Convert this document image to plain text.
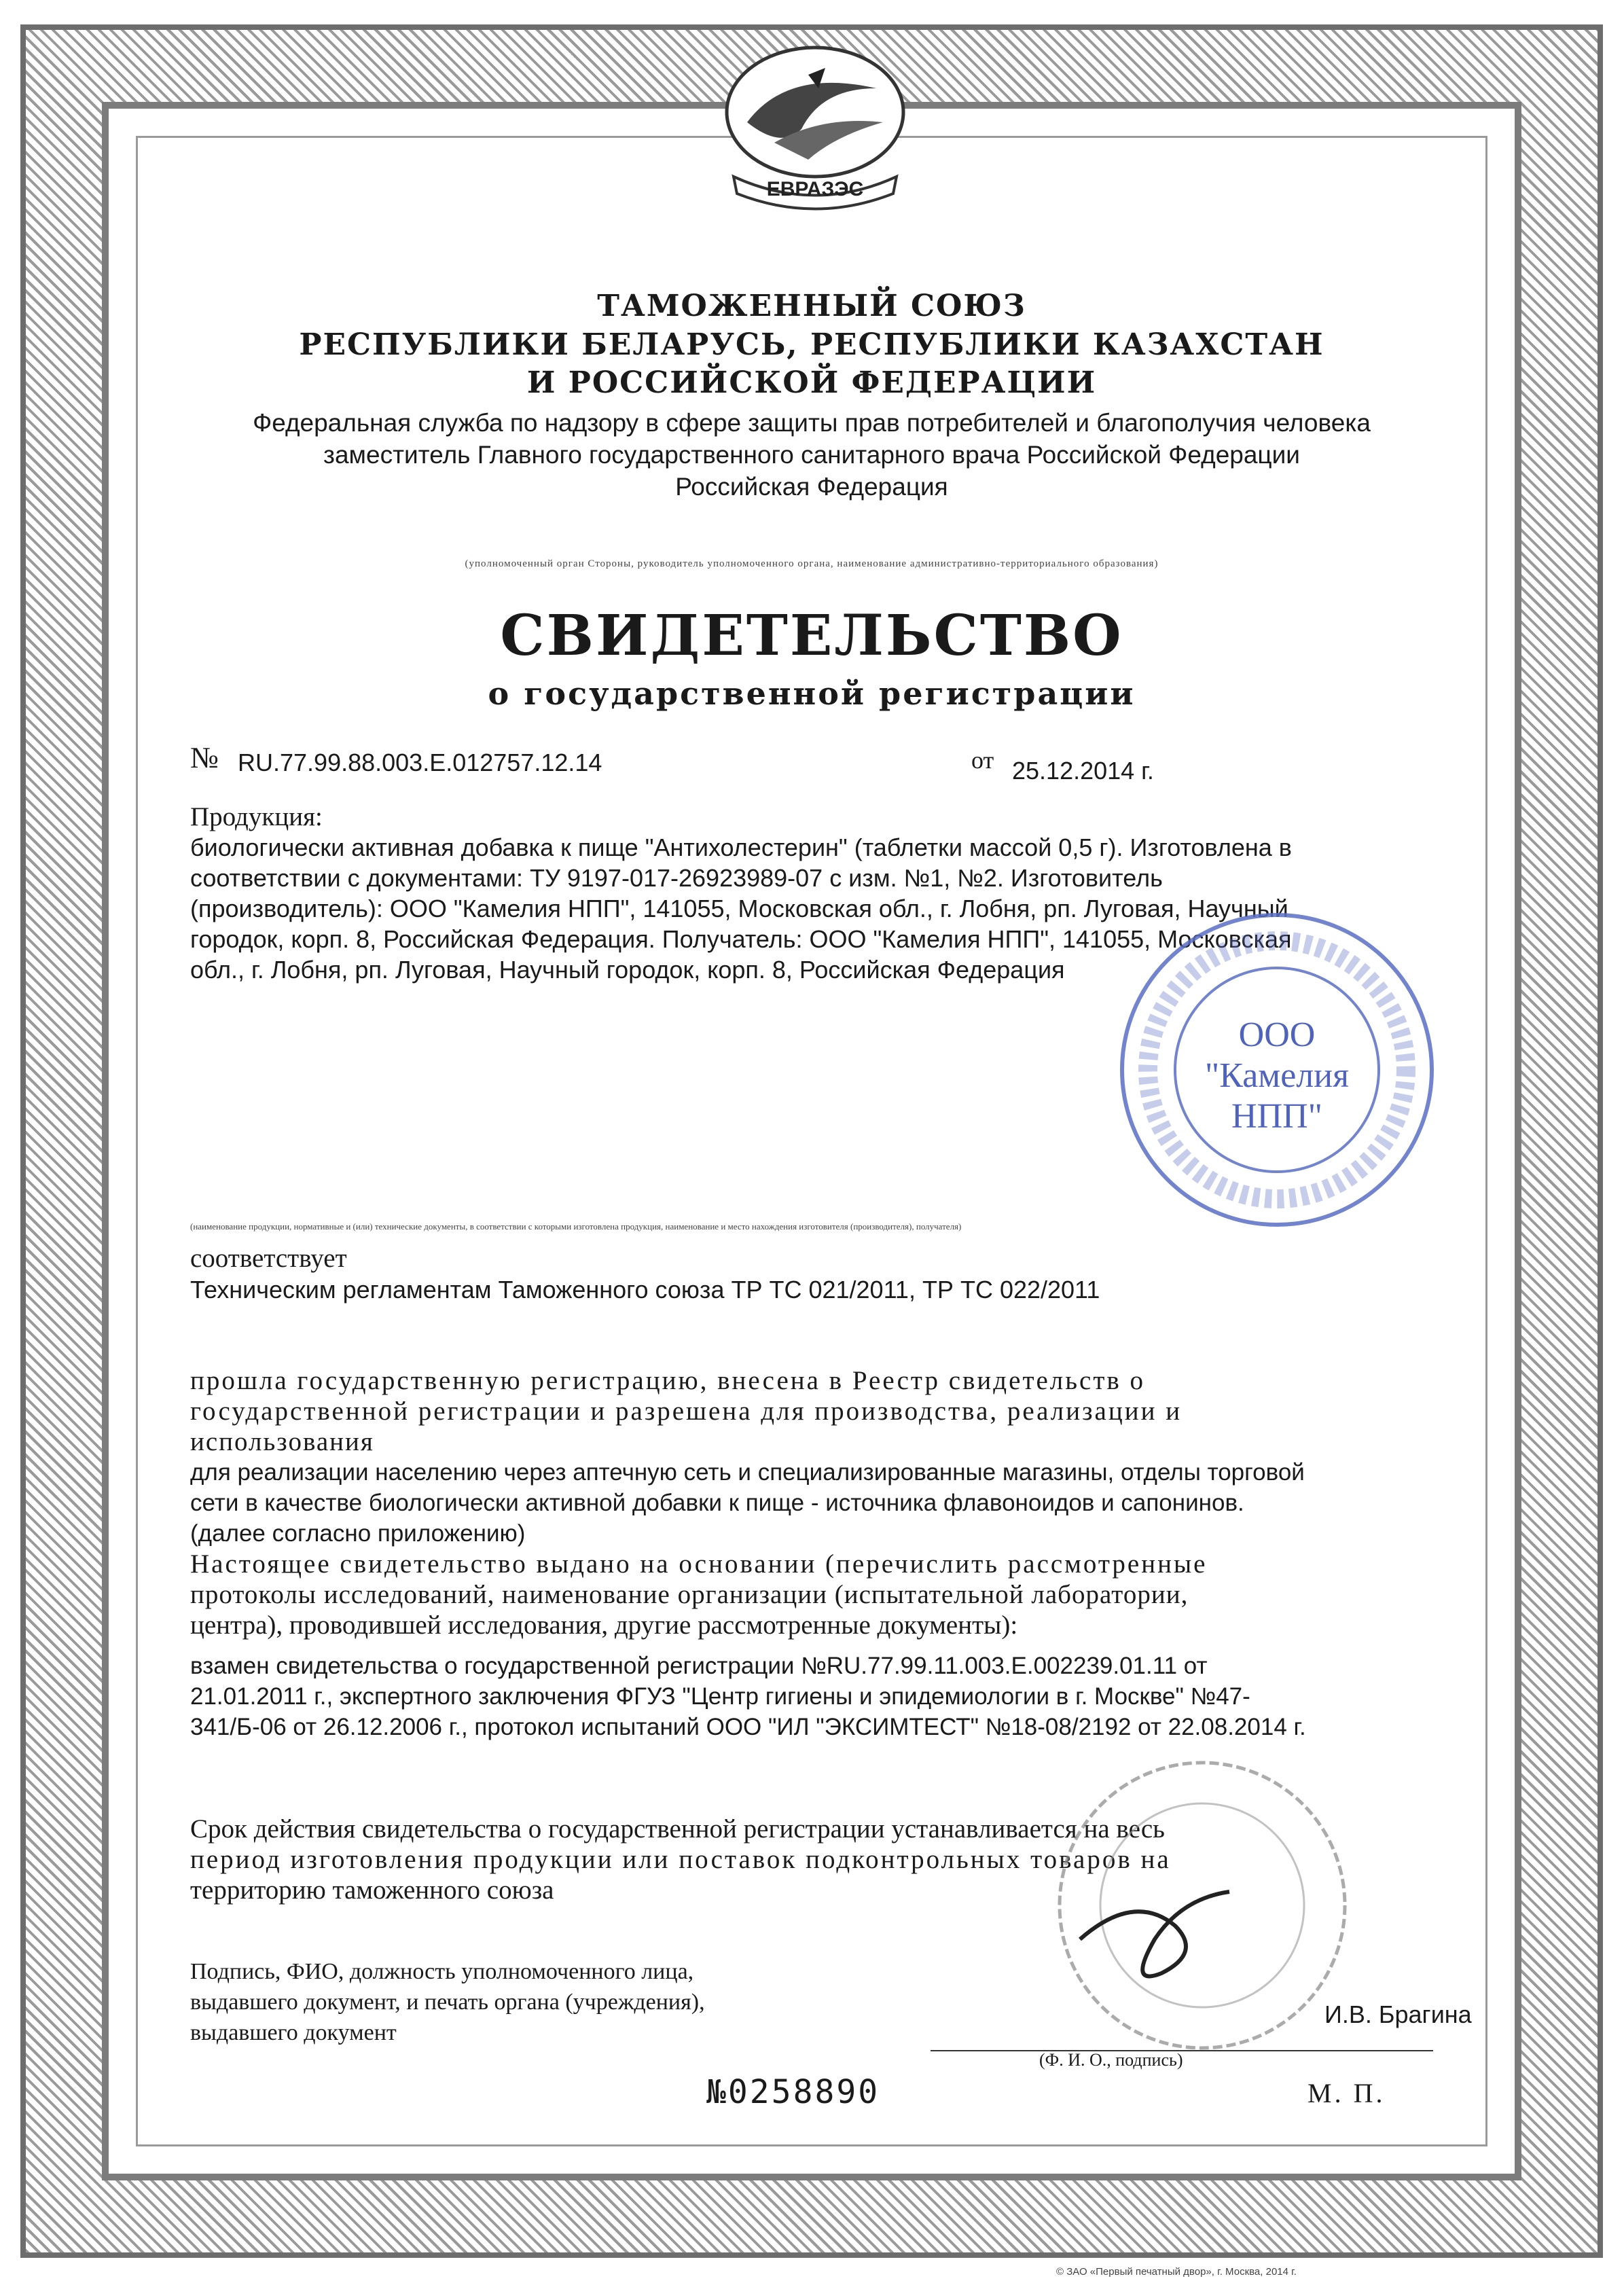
ЕВРАЗЭС
ТАМОЖЕННЫЙ СОЮЗ
РЕСПУБЛИКИ БЕЛАРУСЬ, РЕСПУБЛИКИ КАЗАХСТАН
И РОССИЙСКОЙ ФЕДЕРАЦИИ
Федеральная служба по надзору в сфере защиты прав потребителей и благополучия человека
заместитель Главного государственного санитарного врача Российской Федерации
Российская Федерация
(уполномоченный орган Стороны, руководитель уполномоченного органа, наименование административно-территориального образования)
СВИДЕТЕЛЬСТВО
о государственной регистрации
№ RU.77.99.88.003.E.012757.12.14	от 25.12.2014 г.
Продукция:
биологически активная добавка к пище "Антихолестерин" (таблетки массой 0,5 г). Изготовлена в
соответствии с документами: ТУ 9197-017-26923989-07 с изм. №1, №2. Изготовитель
(производитель): ООО "Камелия НПП", 141055, Московская обл., г. Лобня, рп. Луговая, Научный
городок, корп. 8, Российская Федерация. Получатель: ООО "Камелия НПП", 141055, Московская
обл., г. Лобня, рп. Луговая, Научный городок, корп. 8, Российская Федерация
(наименование продукции, нормативные и (или) технические документы, в соответствии с которыми изготовлена продукция, наименование и место нахождения изготовителя (производителя), получателя)
ООО
"Камелия
НПП"
соответствует
Техническим регламентам Таможенного союза ТР ТС 021/2011, ТР ТС 022/2011
прошла государственную регистрацию, внесена в Реестр свидетельств о
государственной регистрации и разрешена для производства, реализации и
использования
для реализации населению через аптечную сеть и специализированные магазины, отделы торговой
сети в качестве биологически активной добавки к пище - источника флавоноидов и сапонинов.
(далее согласно приложению)
Настоящее свидетельство выдано на основании (перечислить рассмотренные
протоколы исследований, наименование организации (испытательной лаборатории,
центра), проводившей исследования, другие рассмотренные документы):
взамен свидетельства о государственной регистрации №RU.77.99.11.003.E.002239.01.11 от
21.01.2011 г., экспертного заключения ФГУЗ "Центр гигиены и эпидемиологии в г. Москве" №47-
341/Б-06 от 26.12.2006 г., протокол испытаний ООО "ИЛ "ЭКСИМТЕСТ" №18-08/2192 от 22.08.2014 г.
Срок действия свидетельства о государственной регистрации устанавливается на весь
период изготовления продукции или поставок подконтрольных товаров на
территорию таможенного союза
Подпись, ФИО, должность уполномоченного лица,
выдавшего документ, и печать органа (учреждения),
выдавшего документ
И.В. Брагина
(Ф. И. О., подпись)
№0258890	М. П.
© ЗАО «Первый печатный двор», г. Москва, 2014 г.
